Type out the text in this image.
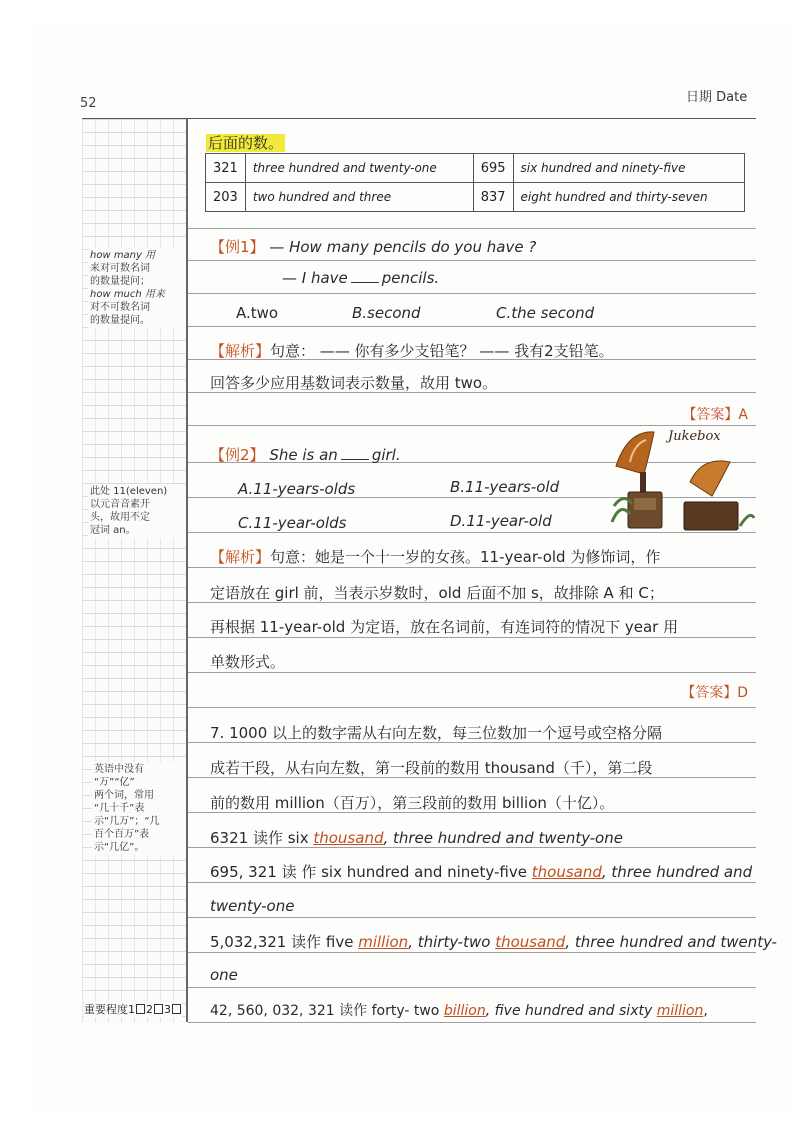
52	日期 Date
how many 用
来对可数名词
的数量提问；
how much 用来
对不可数名词
的数量提问。
此处 11(eleven)
以元音音素开
头，故用不定
冠词 an。
英语中没有
“万”“亿”
两个词，常用
“几十千”表
示“几万”；“几
百个百万”表
示“几亿”。
重要程度1 2 3
后面的数。
321	three hundred and twenty-one	695	six hundred and ninety-five
203	two hundred and three	837	eight hundred and thirty-seven
【例1】 — How many pencils do you have ?
— I have pencils.
A.two	B.second	C.the second
【解析】句意： —— 你有多少支铅笔？ —— 我有2支铅笔。
回答多少应用基数词表示数量，故用 two。
【答案】A
【例2】 She is an girl.
A.11-years-olds	B.11-years-old
C.11-year-olds	D.11-year-old
Jukebox
【解析】句意：她是一个十一岁的女孩。11-year-old 为修饰词，作
定语放在 girl 前，当表示岁数时，old 后面不加 s，故排除 A 和 C；
再根据 11-year-old 为定语，放在名词前，有连词符的情况下 year 用
单数形式。
【答案】D
7. 1000 以上的数字需从右向左数，每三位数加一个逗号或空格分隔
成若干段，从右向左数，第一段前的数用 thousand（千），第二段
前的数用 million（百万），第三段前的数用 billion（十亿）。
6321 读作 six thousand, three hundred and twenty-one
695, 321 读 作 six hundred and ninety-five thousand, three hundred and
twenty-one
5,032,321 读作 five million, thirty-two thousand, three hundred and twenty-
one
42, 560, 032, 321 读作 forty- two billion, five hundred and sixty million,
